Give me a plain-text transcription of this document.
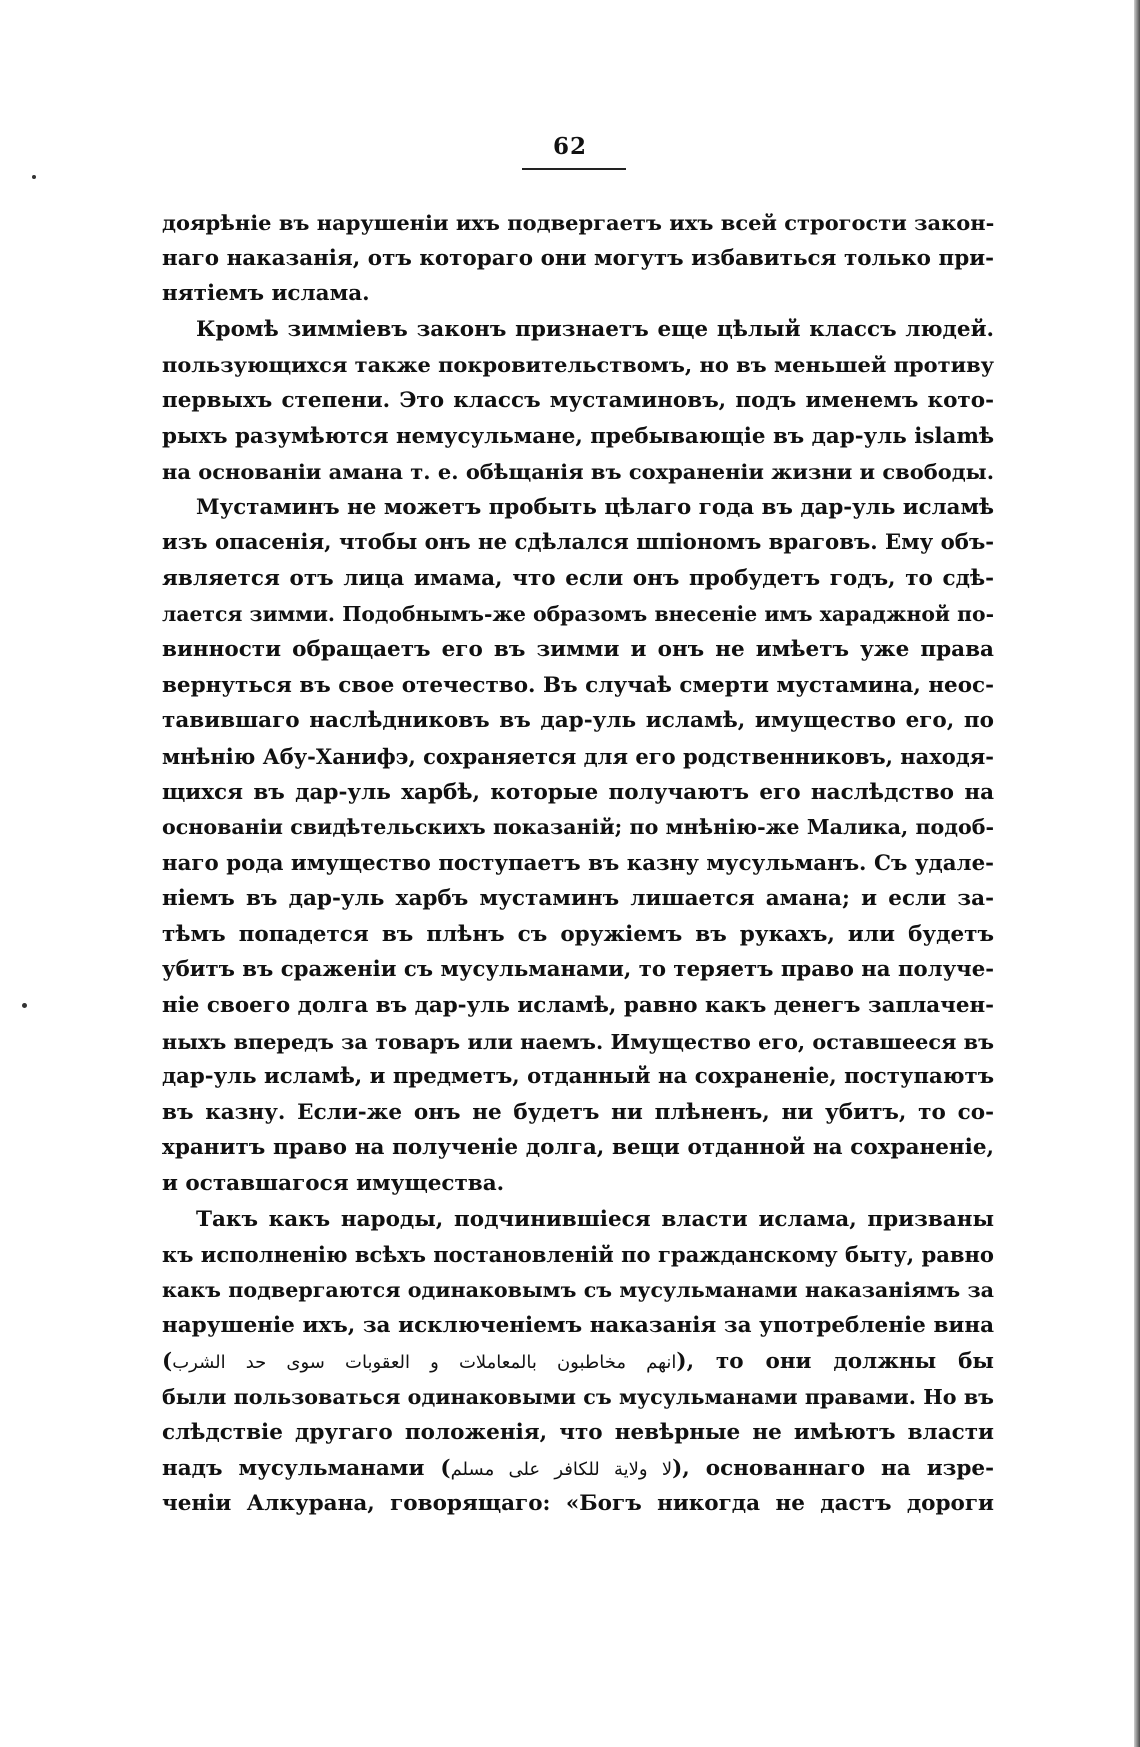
62
доярѣніе въ нарушеніи ихъ подвергаетъ ихъ всей строгости закон-
наго наказанія, отъ котораго они могутъ избавиться только при-
нятіемъ ислама.
Кромѣ зиммiевъ законъ признаетъ еще цѣлый классъ людей.
пользующихся также покровительствомъ, но въ меньшей противу
первыхъ степени. Это классъ мустаминовъ, подъ именемъ кото-
рыхъ разумѣются немусульмане, пребывающіе въ дар-уль islamѣ
на основаніи амана т. е. обѣщанія въ сохраненіи жизни и свободы.
Мустаминъ не можетъ пробыть цѣлаго года въ дар-уль исламѣ
изъ опасенія, чтобы онъ не сдѣлался шпіономъ враговъ. Ему объ-
является отъ лица имама, что если онъ пробудетъ годъ, то сдѣ-
лается зимми. Подобнымъ-же образомъ внесеніе имъ хараджной по-
винности обращаетъ его въ зимми и онъ не имѣетъ уже права
вернуться въ свое отечество. Въ случаѣ смерти мустамина, неос-
тавившаго наслѣдниковъ въ дар-уль исламѣ, имущество его, по
мнѣнію Абу-Ханифэ, сохраняется для его родственниковъ, находя-
щихся въ дар-уль харбѣ, которые получаютъ его наслѣдство на
основаніи свидѣтельскихъ показаній; по мнѣнію-же Малика, подоб-
наго рода имущество поступаетъ въ казну мусульманъ. Съ удале-
ніемъ въ дар-уль харбъ мустаминъ лишается амана; и если за-
тѣмъ попадется въ плѣнъ съ оружіемъ въ рукахъ, или будетъ
убитъ въ сраженіи съ мусульманами, то теряетъ право на получе-
ніе своего долга въ дар-уль исламѣ, равно какъ денегъ заплачен-
ныхъ впередъ за товаръ или наемъ. Имущество его, оставшееся въ
дар-уль исламѣ, и предметъ, отданный на сохраненіе, поступаютъ
въ казну. Если-же онъ не будетъ ни плѣненъ, ни убитъ, то со-
хранитъ право на полученіе долга, вещи отданной на сохраненіе,
и оставшагося имущества.
Такъ какъ народы, подчинившіеся власти ислама, призваны
къ исполненію всѣхъ постановленій по гражданскому быту, равно
какъ подвергаются одинаковымъ съ мусульманами наказаніямъ за
нарушеніе ихъ, за исключеніемъ наказанія за употребленіе вина
(انهم مخاطبون بالمعاملات و العقوبات سوى حد الشرب), то они должны бы
были пользоваться одинаковыми съ мусульманами правами. Но въ
слѣдствіе другаго положенія, что невѣрные не имѣютъ власти
надъ мусульманами (لا ولاية للكافر على مسلم), основаннаго на изре-
ченіи Алкурана, говорящаго: «Богъ никогда не дастъ дороги
